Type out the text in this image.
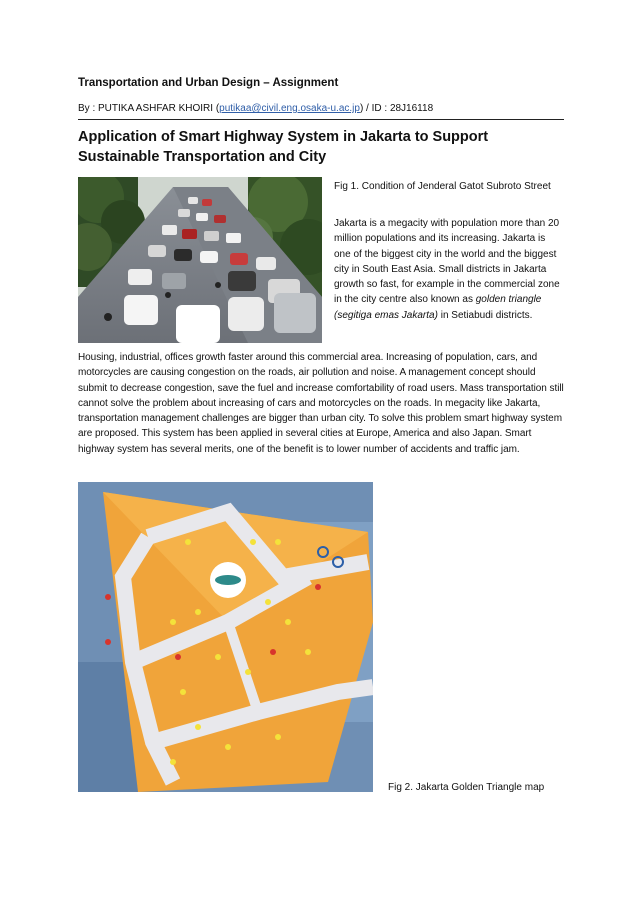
Transportation and Urban Design – Assignment
By : PUTIKA ASHFAR KHOIRI (putikaa@civil.eng.osaka-u.ac.jp) / ID : 28J16118
Application of Smart Highway System in Jakarta to Support Sustainable Transportation and City
Fig 1. Condition of Jenderal Gatot Subroto Street
Jakarta is a megacity with population more than 20 million populations and its increasing. Jakarta is one of the biggest city in the world and the biggest city in South East Asia. Small districts in Jakarta growth so fast, for example in the commercial zone in the city centre also known as golden triangle (segitiga emas Jakarta) in Setiabudi districts.
Housing, industrial, offices growth faster around this commercial area. Increasing of population, cars, and motorcycles are causing congestion on the roads, air pollution and noise. A management concept should submit to decrease congestion, save the fuel and increase comfortability of road users. Mass transportation still cannot solve the problem about increasing of cars and motorcycles on the roads. In megacity like Jakarta, transportation management challenges are bigger than urban city. To solve this problem smart highway system are proposed. This system has been applied in several cities at Europe, America and also Japan. Smart highway system has several merits, one of the benefit is to lower number of accidents and traffic jam.
Fig 2. Jakarta Golden Triangle map
